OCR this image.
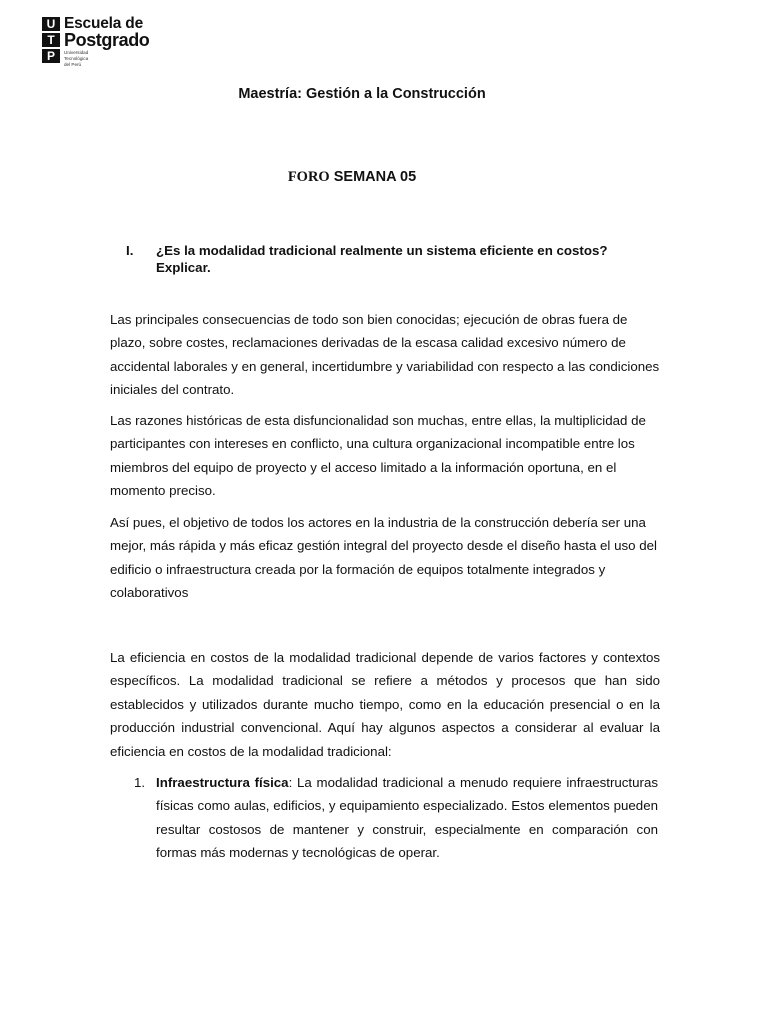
U
T
P
Escuela de
Postgrado
Universidad
Tecnológica
del Perú
Maestría: Gestión a la Construcción
FORO SEMANA 05
I. ¿Es la modalidad tradicional realmente un sistema eficiente en costos? Explicar.

Las principales consecuencias de todo son bien conocidas; ejecución de obras fuera de plazo, sobre costes, reclamaciones derivadas de la escasa calidad excesivo número de accidental laborales y en general, incertidumbre y variabilidad con respecto a las condiciones iniciales del contrato.

Las razones históricas de esta disfuncionalidad son muchas, entre ellas, la multiplicidad de participantes con intereses en conflicto, una cultura organizacional incompatible entre los miembros del equipo de proyecto y el acceso limitado a la información oportuna, en el momento preciso.

Así pues, el objetivo de todos los actores en la industria de la construcción debería ser una mejor, más rápida y más eficaz gestión integral del proyecto desde el diseño hasta el uso del edificio o infraestructura creada por la formación de equipos totalmente integrados y colaborativos

La eficiencia en costos de la modalidad tradicional depende de varios factores y contextos específicos. La modalidad tradicional se refiere a métodos y procesos que han sido establecidos y utilizados durante mucho tiempo, como en la educación presencial o en la producción industrial convencional. Aquí hay algunos aspectos a considerar al evaluar la eficiencia en costos de la modalidad tradicional:

1. Infraestructura física: La modalidad tradicional a menudo requiere infraestructuras físicas como aulas, edificios, y equipamiento especializado. Estos elementos pueden resultar costosos de mantener y construir, especialmente en comparación con formas más modernas y tecnológicas de operar.
